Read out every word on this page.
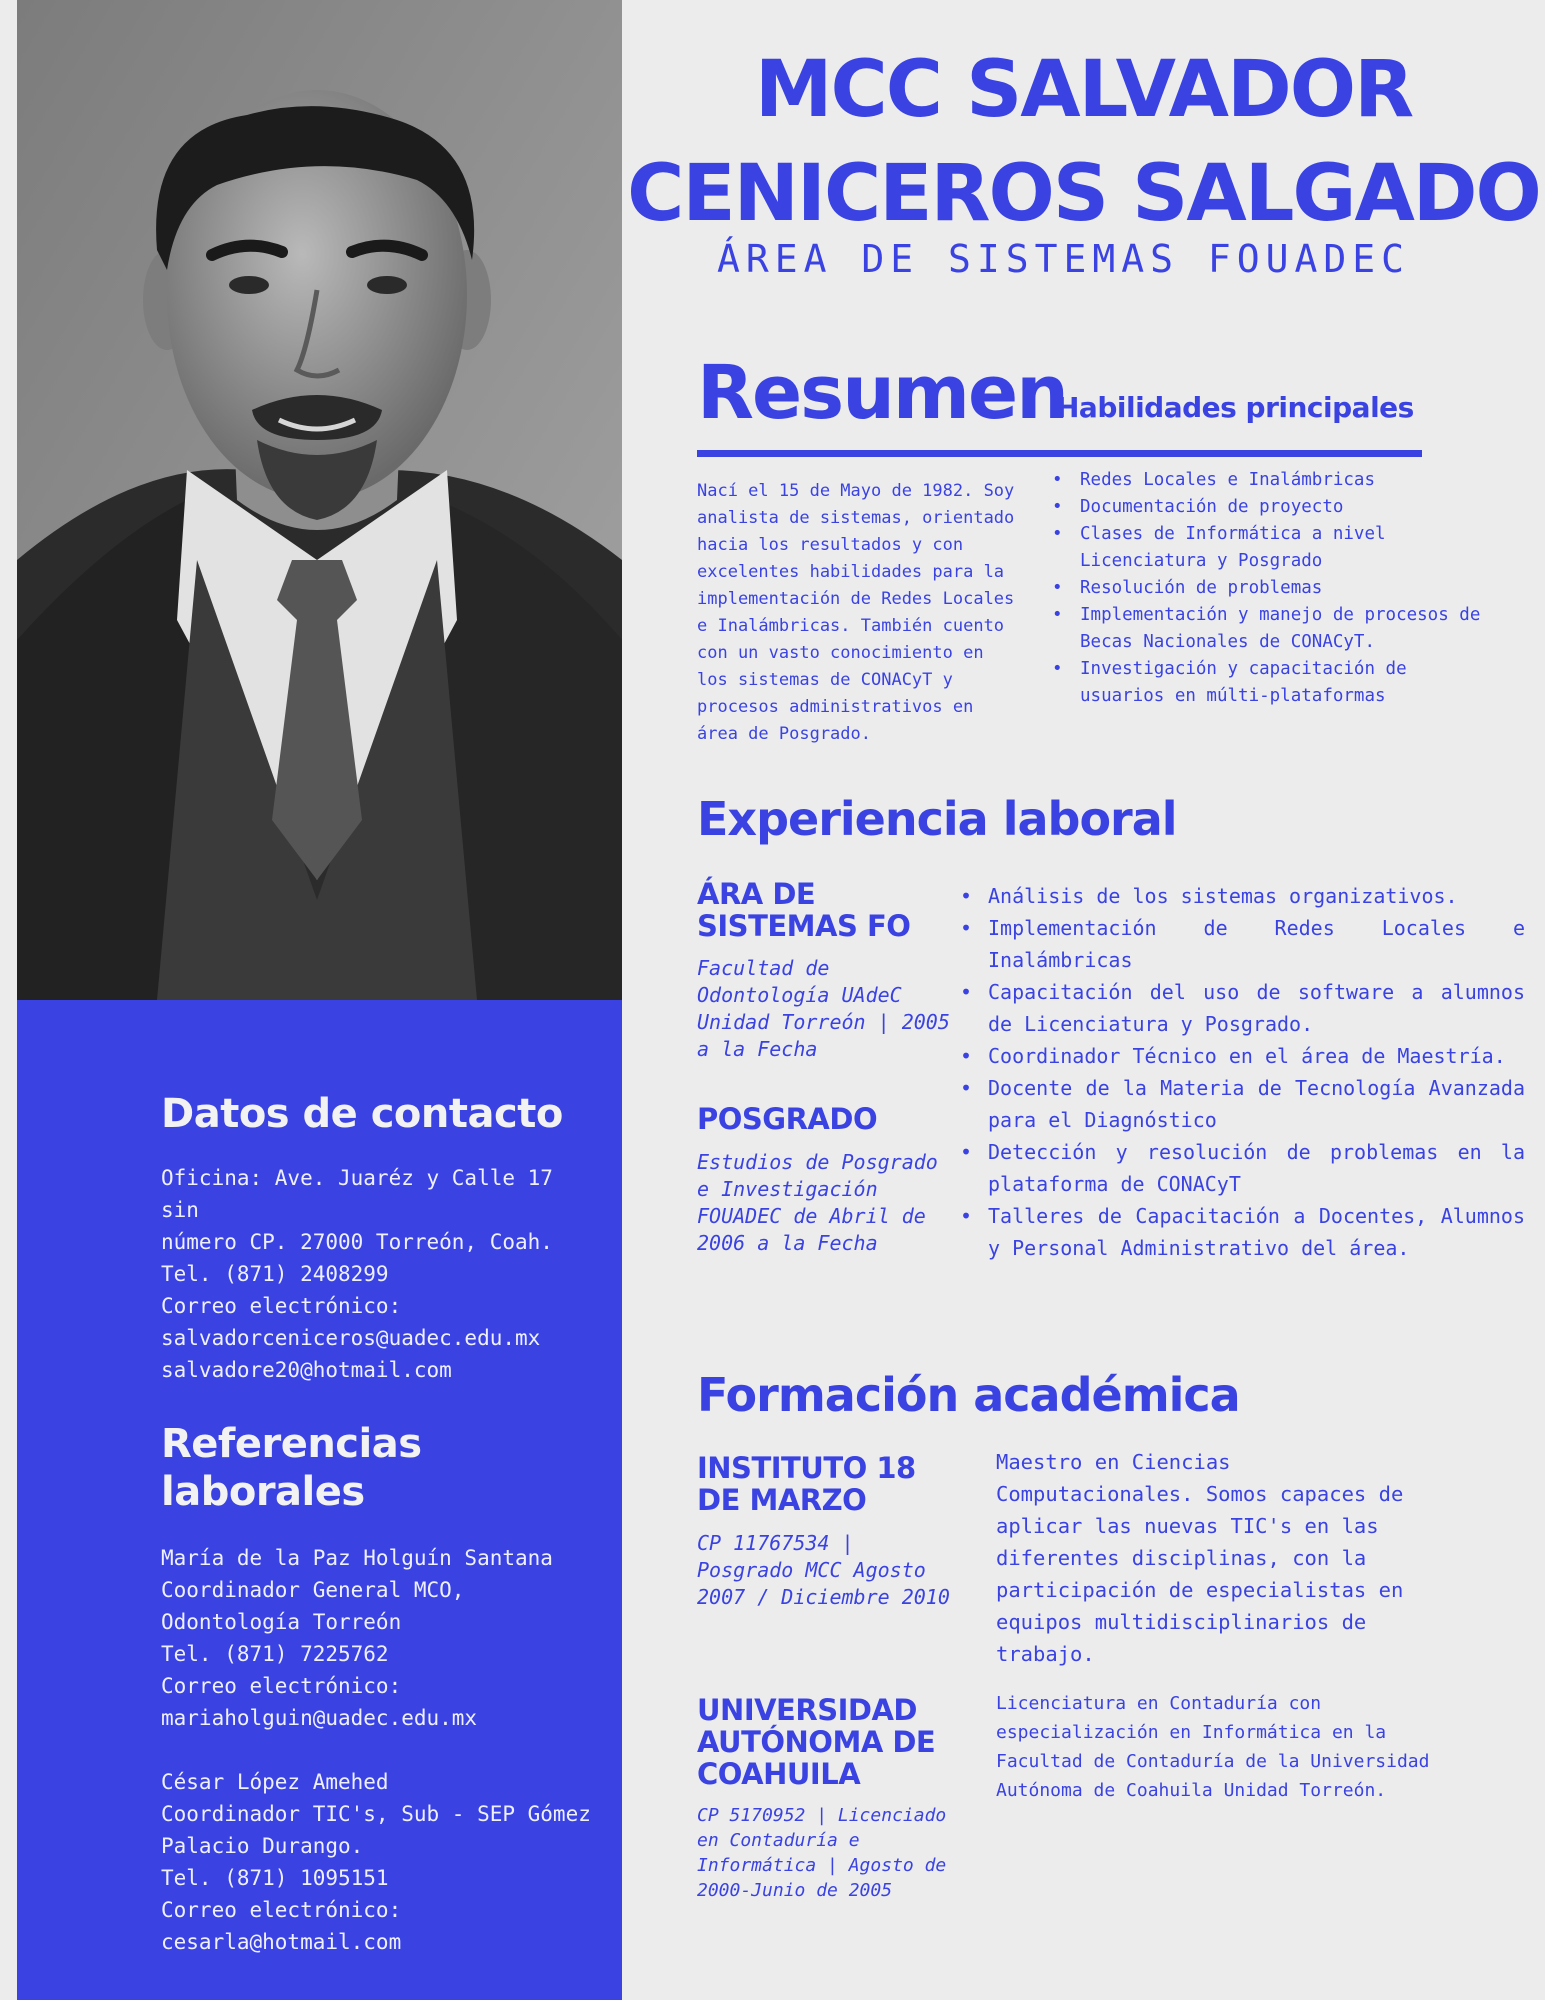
Datos de contacto
Oficina: Ave. Juaréz y Calle 17 sin
número CP. 27000 Torreón, Coah.
Tel. (871) 2408299
Correo electrónico:
salvadorceniceros@uadec.edu.mx
salvadore20@hotmail.com
Referencias laborales
María de la Paz Holguín Santana
Coordinador General MCO,
Odontología Torreón
Tel. (871) 7225762
Correo electrónico:
mariaholguin@uadec.edu.mx
César López Amehed
Coordinador TIC's, Sub - SEP Gómez
Palacio Durango.
Tel. (871) 1095151
Correo electrónico:
cesarla@hotmail.com
MCC SALVADOR
CENICEROS SALGADO
ÁREA DE SISTEMAS FOUADEC
Resumen
Habilidades principales

Nací el 15 de Mayo de 1982. Soy analista de sistemas, orientado hacia los resultados y con excelentes habilidades para la implementación de Redes Locales e Inalámbricas. También cuento con un vasto conocimiento en los sistemas de CONACyT y procesos administrativos en área de Posgrado.

• Redes Locales e Inalámbricas
• Documentación de proyecto
• Clases de Informática a nivel Licenciatura y Posgrado
• Resolución de problemas
• Implementación y manejo de procesos de Becas Nacionales de CONACyT.
• Investigación y capacitación de usuarios en múlti-plataformas
Experiencia laboral
ÁRA DE SISTEMAS FO
Facultad de Odontología UAdeC Unidad Torreón | 2005 a la Fecha
POSGRADO
Estudios de Posgrado e Investigación FOUADEC de Abril de 2006 a la Fecha
• Análisis de los sistemas organizativos.
• Implementación de Redes Locales e Inalámbricas
• Capacitación del uso de software a alumnos de Licenciatura y Posgrado.
• Coordinador Técnico en el área de Maestría.
• Docente de la Materia de Tecnología Avanzada para el Diagnóstico
• Detección y resolución de problemas en la plataforma de CONACyT
• Talleres de Capacitación a Docentes, Alumnos y Personal Administrativo del área.
Formación académica
INSTITUTO 18 DE MARZO
CP 11767534 | Posgrado MCC Agosto 2007 / Diciembre 2010

Maestro en Ciencias Computacionales. Somos capaces de aplicar las nuevas TIC's en las diferentes disciplinas, con la participación de especialistas en equipos multidisciplinarios de trabajo.

UNIVERSIDAD AUTÓNOMA DE COAHUILA
CP 5170952 | Licenciado en Contaduría e Informática | Agosto de 2000-Junio de 2005

Licenciatura en Contaduría con especialización en Informática en la Facultad de Contaduría de la Universidad Autónoma de Coahuila Unidad Torreón.
